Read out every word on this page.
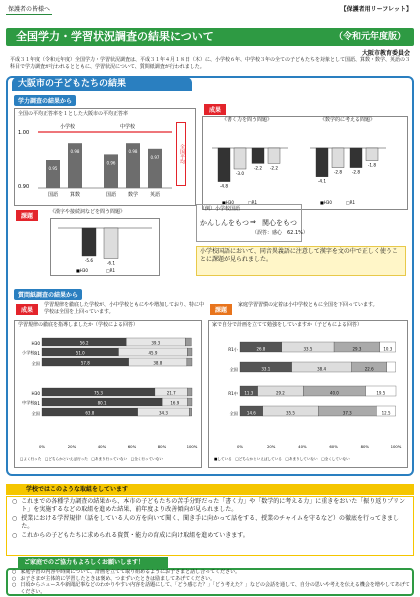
保護者の皆様へ	【保護者用リーフレット】
全国学力・学習状況調査の結果について	（令和元年度版）
大阪市教育委員会
平成３１年度（令和元年度）全国学力・学習状況調査は、平成３１年４月１８日（木）に、小学校６年、中学校３年の全ての子どもたちを対象として国語、算数・数学、英語の３科目で学力調査が行われるとともに、学習状況について、質問紙調査が行われました。
大阪市の子どもたちの結果
学力調査の結果から
全国の平均正答率を１とした大阪市の平均正答率
全国平均
1.00
0.90
小学校	中学校
0.95
国語
0.98
算数
0.96
国語
0.98
数学
0.97
英語
成果
《書く力を問う問題》	《数学的に考える問題》
-4.8
-3.0
-2.2 -2.2
■H30	□R1
-4.1
-2.8 -2.8
-1.8
■H30	□R1
課題
《漢字や接続詞などを問う問題》
-5.6	-6.1
■H30	□R1
（例）小学校国語
かんしんをもつ ⇒ 関心をもつ
（誤答：感心　62.1%）
小学校国語において、同音異義語に注意して漢字を文の中で正しく使うことに課題が見られました。
質問紙調査の結果から
成果
学習規律を徹底した学校が、小中学校ともにやや増加しており、特に中学校は全国を上回っています。	課題
家庭学習習慣の定着は小中学校ともに全国を下回っています。
学習規律の徹底を指導しましたか（学校による回答）
H30	56.2	39.3
R1	51.0	45.9
全国	57.8	38.8
H30	75.3	21.7
R1	80.1	16.9
全国	63.8	34.3
0%	20%	40%	60%	80%	100%
□よく行った　□どちらかといえば行った　□あまり行っていない　□全く行っていない
小学校
中学校
家で自分で計画を立てて勉強をしていますか（子どもによる回答）
R1小	26.8	33.5	29.3	10.3
全国	33.1	38.4	22.6
R1中 11.3	29.2	40.0	19.5
全国 14.6	35.5	37.3	12.5
0%	20%	40%	60%	80%	100%
■している　□どちらかといえばしている　□あまりしていない　□全くしていない
学校ではこのような取組をしています
○ これまでの各種学力調査の結果から、本市の子どもたちの苦手分野だった「書く力」や「数学的に考える力」に重きをおいた「振り返りプリント」を実施するなどの取組を進めた結果、前年度より改善傾向が見られました。
○ 授業における学習規律（話をしている人の方を向いて聞く、聞き手に向かって話をする、授業のチャイムを守るなど）の徹底を行ってきました。
○ これからの子どもたちに求められる資質・能力の育成に向け取組を進めていきます。
ご家庭でのご協力もよろしくお願いします！
○ 家庭学習の内容や時間について、計画を立てて取り組めるようにお子さまと話し合ってください。
○ お子さまが主体的に学習したときは褒め、つまずいたときは励ましてあげてください。
○ 日頃からニュースや新聞記事などのわかりやすい内容を話題にして、「どう感じた？」「どう考えた？」などの会話を通して、自分の思いや考えを伝える機会を増やしてあげてください。
